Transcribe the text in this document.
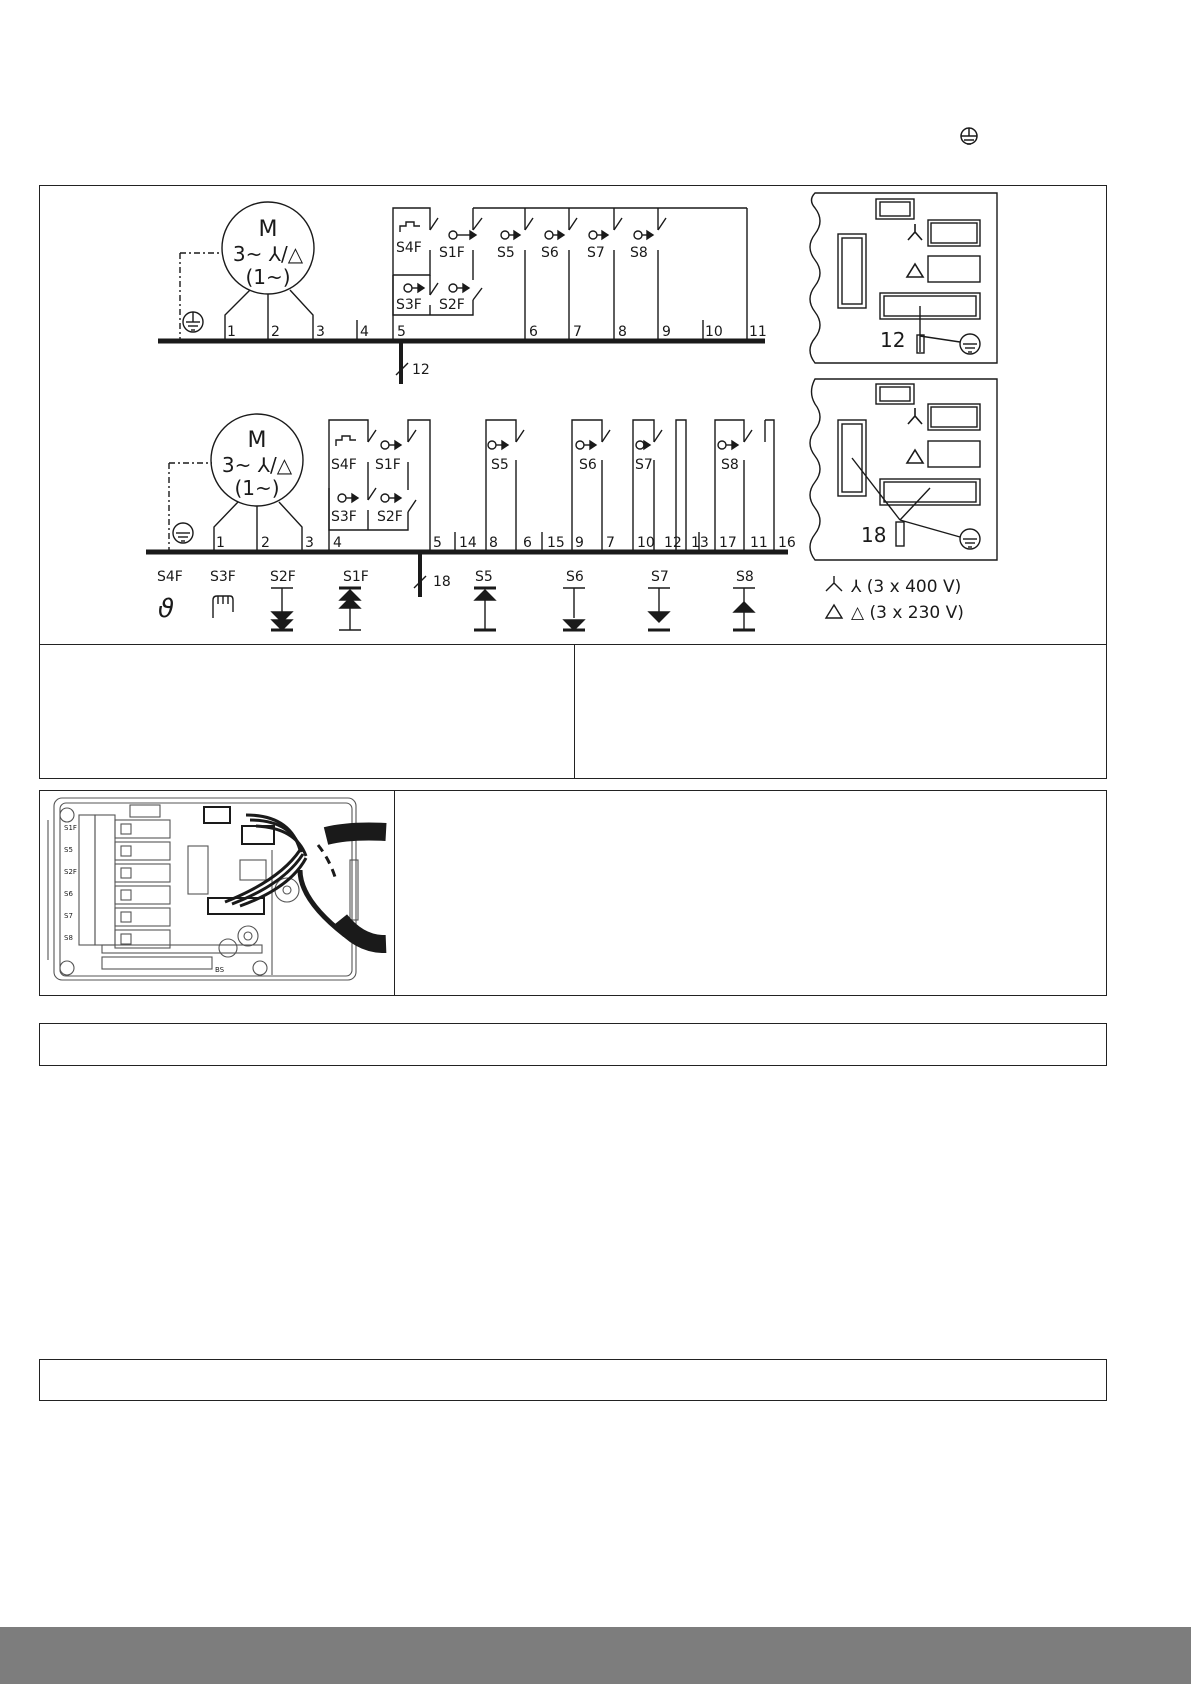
M
3~ ⅄/△
(1~)
M
3~ ⅄/△
(1~)
1	2	3	4 5	6	7	8	9 10 11
12
S4F S1F S5 S6 S7 S8
S3F S2F
1	2	3 4	5 14 8 6 15 9 7 10 12 13 17 11 16
18
S4F S1F	S5	S6	S7	S8
S3F S2F
S4F S3F S2F	S1F	S5	S6	S7	S8
ϑ
⅄ (3 x 400 V)
△ (3 x 230 V)
12
18
S1F
S5
S2F
S6
S7
S8
BS
